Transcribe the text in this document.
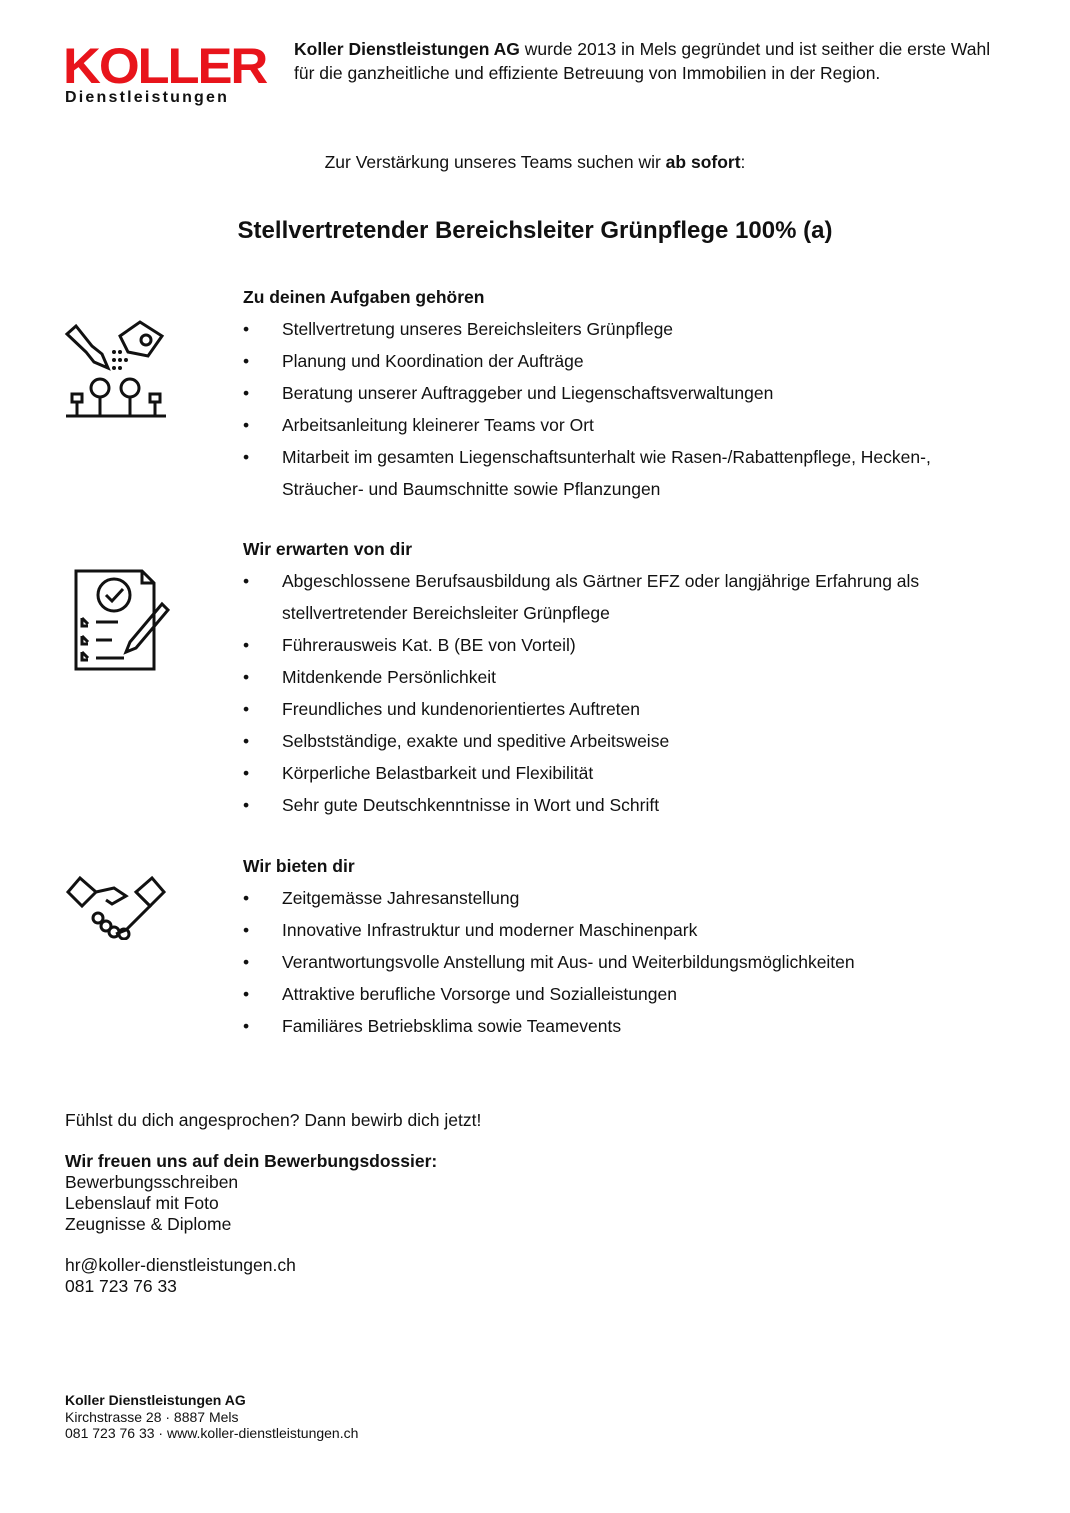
KOLLER
Dienstleistungen
Koller Dienstleistungen AG wurde 2013 in Mels gegründet und ist seither die erste Wahl für die ganzheitliche und effiziente Betreuung von Immobilien in der Region.
Zur Verstärkung unseres Teams suchen wir ab sofort:
Stellvertretender Bereichsleiter Grünpflege 100% (a)
Zu deinen Aufgaben gehören
• Stellvertretung unseres Bereichsleiters Grünpflege
• Planung und Koordination der Aufträge
• Beratung unserer Auftraggeber und Liegenschaftsverwaltungen
• Arbeitsanleitung kleinerer Teams vor Ort
• Mitarbeit im gesamten Liegenschaftsunterhalt wie Rasen-/Rabattenpflege, Hecken-, Sträucher- und Baumschnitte sowie Pflanzungen
Wir erwarten von dir
• Abgeschlossene Berufsausbildung als Gärtner EFZ oder langjährige Erfahrung als stellvertretender Bereichsleiter Grünpflege
• Führerausweis Kat. B (BE von Vorteil)
• Mitdenkende Persönlichkeit
• Freundliches und kundenorientiertes Auftreten
• Selbstständige, exakte und speditive Arbeitsweise
• Körperliche Belastbarkeit und Flexibilität
• Sehr gute Deutschkenntnisse in Wort und Schrift
Wir bieten dir
• Zeitgemässe Jahresanstellung
• Innovative Infrastruktur und moderner Maschinenpark
• Verantwortungsvolle Anstellung mit Aus- und Weiterbildungsmöglichkeiten
• Attraktive berufliche Vorsorge und Sozialleistungen
• Familiäres Betriebsklima sowie Teamevents
Fühlst du dich angesprochen? Dann bewirb dich jetzt!
Wir freuen uns auf dein Bewerbungsdossier:
Bewerbungsschreiben
Lebenslauf mit Foto
Zeugnisse & Diplome
hr@koller-dienstleistungen.ch
081 723 76 33
Koller Dienstleistungen AG
Kirchstrasse 28 · 8887 Mels
081 723 76 33 · www.koller-dienstleistungen.ch
